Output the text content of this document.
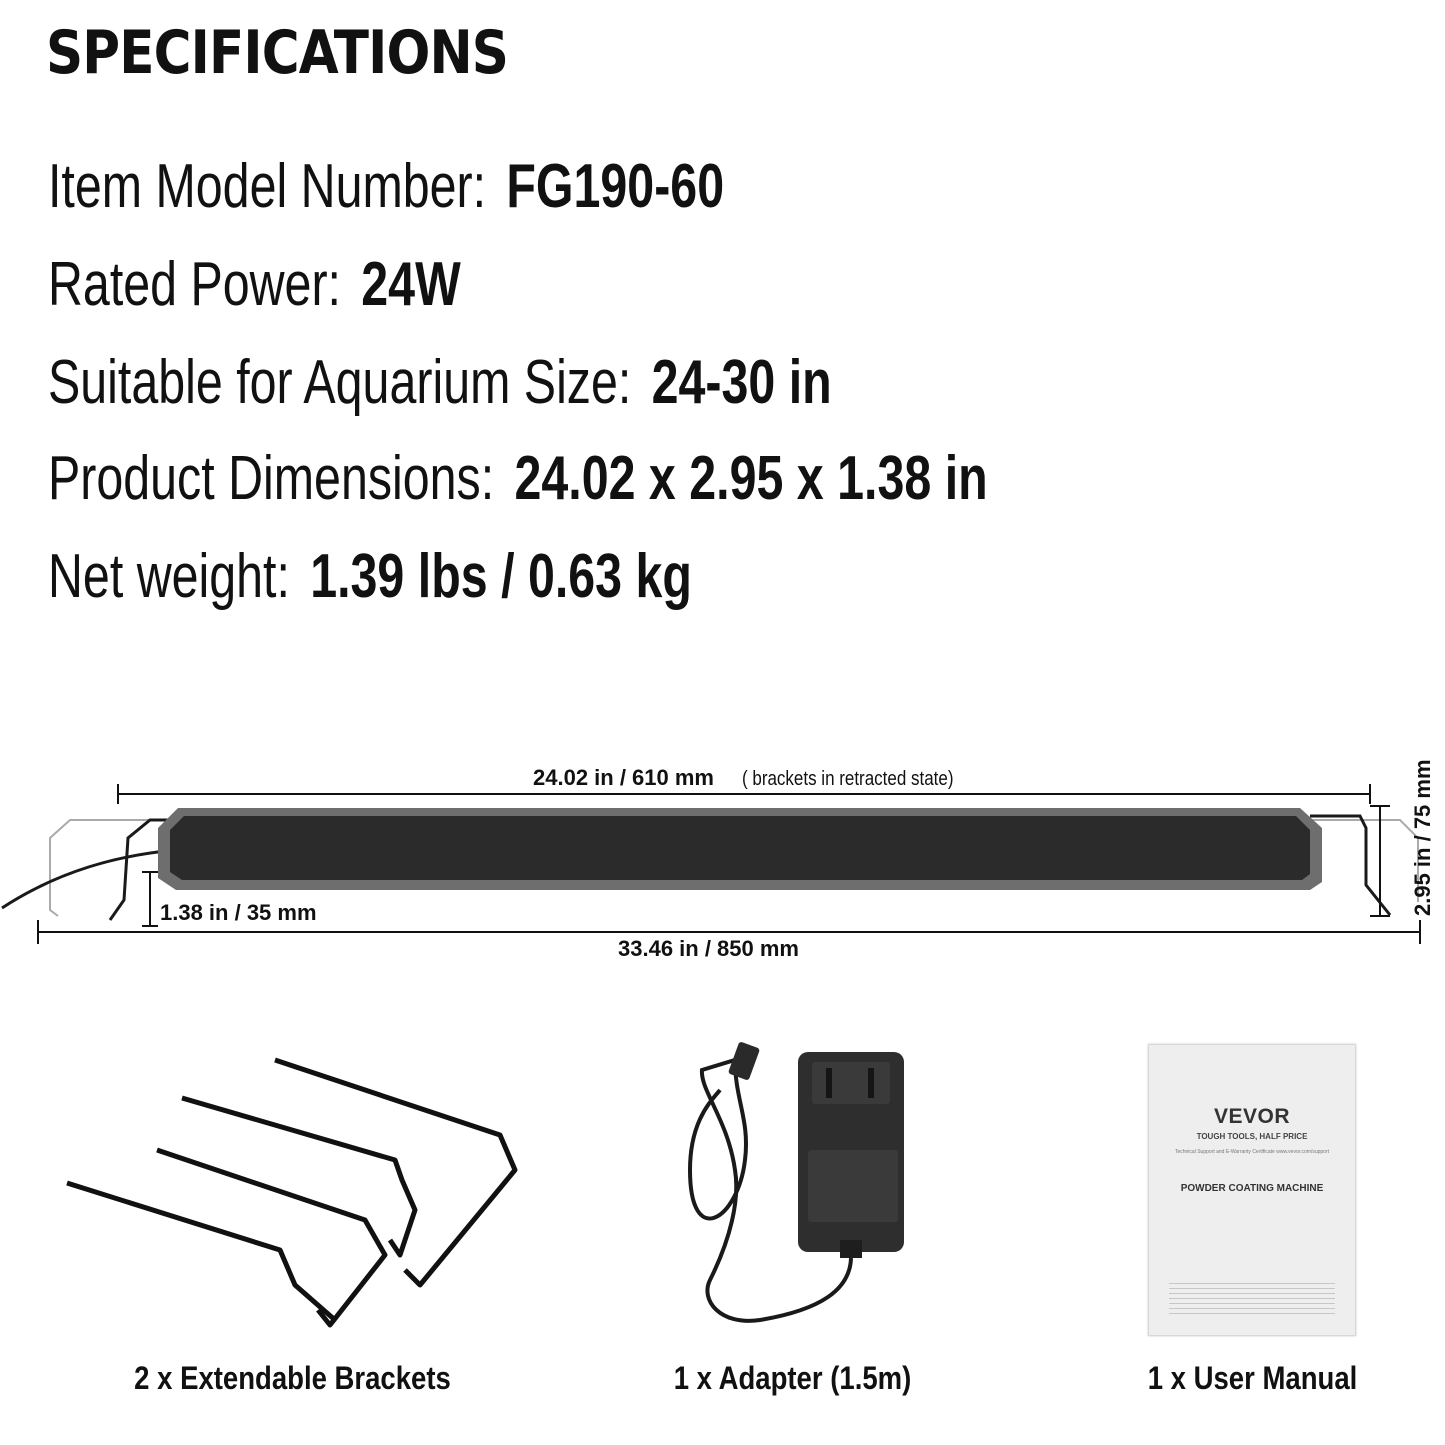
SPECIFICATIONS
Item Model Number: FG190-60
Rated Power: 24W
Suitable for Aquarium Size: 24-30 in
Product Dimensions: 24.02 x 2.95 x 1.38 in
Net weight: 1.39 lbs / 0.63 kg
24.02 in / 610 mm ( brackets in retracted state)
1.38 in / 35 mm	2.95 in / 75 mm
33.46 in / 850 mm
VEVOR
TOUGH TOOLS, HALF PRICE
Technical Support and E-Warranty Certificate www.vevor.com/support
POWDER COATING MACHINE
2 x Extendable Brackets	1 x Adapter (1.5m)	1 x User Manual
